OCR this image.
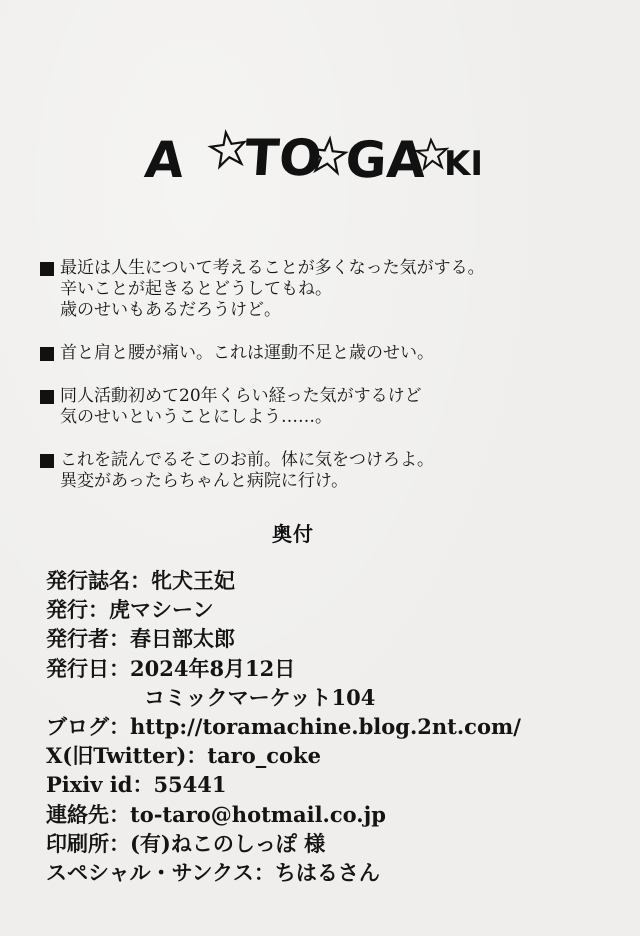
A TO GA KI
最近は人生について考えることが多くなった気がする。
辛いことが起きるとどうしてもね。
歳のせいもあるだろうけど。
首と肩と腰が痛い。これは運動不足と歳のせい。
同人活動初めて20年くらい経った気がするけど
気のせいということにしよう……。
これを読んでるそこのお前。体に気をつけろよ。
異変があったらちゃんと病院に行け。
奥付
発行誌名：牝犬王妃
発行：虎マシーン
発行者：春日部太郎
発行日：2024年8月12日
コミックマーケット104
ブログ：http://toramachine.blog.2nt.com/
X(旧Twitter)：taro_coke
Pixiv id：55441
連絡先：to-taro@hotmail.co.jp
印刷所：(有)ねこのしっぽ 様
スペシャル・サンクス：ちはるさん
